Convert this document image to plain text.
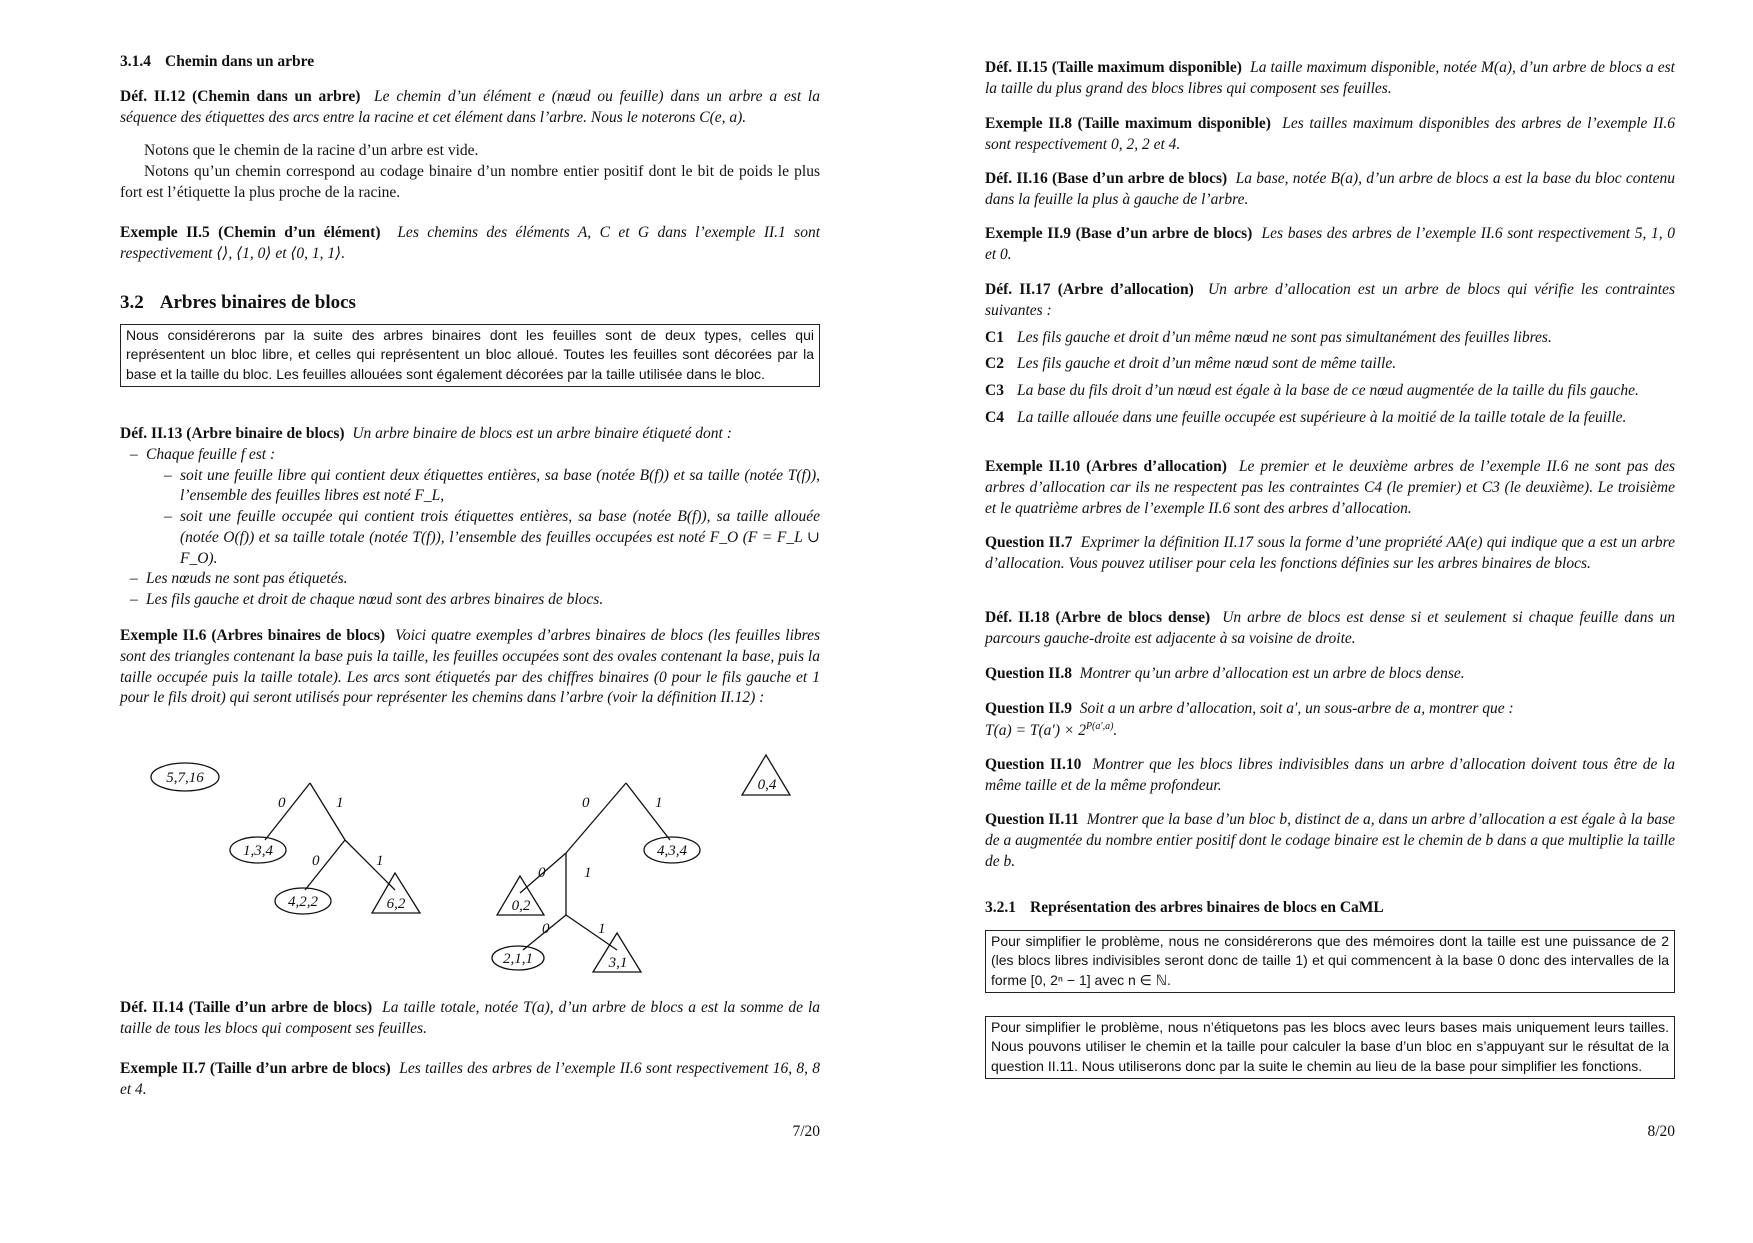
3.1.4 Chemin dans un arbre
Déf. II.12 (Chemin dans un arbre) Le chemin d’un élément e (nœud ou feuille) dans un arbre a est la séquence des étiquettes des arcs entre la racine et cet élément dans l’arbre. Nous le noterons C(e, a).
Notons que le chemin de la racine d’un arbre est vide.
Notons qu’un chemin correspond au codage binaire d’un nombre entier positif dont le bit de poids le plus fort est l’étiquette la plus proche de la racine.
Exemple II.5 (Chemin d’un élément) Les chemins des éléments A, C et G dans l’exemple II.1 sont respectivement ⟨⟩, ⟨1, 0⟩ et ⟨0, 1, 1⟩.
3.2 Arbres binaires de blocs
Nous considérerons par la suite des arbres binaires dont les feuilles sont de deux types, celles qui représentent un bloc libre, et celles qui représentent un bloc alloué. Toutes les feuilles sont décorées par la base et la taille du bloc. Les feuilles allouées sont également décorées par la taille utilisée dans le bloc.

Déf. II.13 (Arbre binaire de blocs) Un arbre binaire de blocs est un arbre binaire étiqueté dont :

– Chaque feuille f est :
– soit une feuille libre qui contient deux étiquettes entières, sa base (notée B(f)) et sa taille (notée T(f)), l’ensemble des feuilles libres est noté F_L,
– soit une feuille occupée qui contient trois étiquettes entières, sa base (notée B(f)), sa taille allouée (notée O(f)) et sa taille totale (notée T(f)), l’ensemble des feuilles occupées est noté F_O (F = F_L ∪ F_O).
– Les nœuds ne sont pas étiquetés.
– Les fils gauche et droit de chaque nœud sont des arbres binaires de blocs.
Exemple II.6 (Arbres binaires de blocs) Voici quatre exemples d’arbres binaires de blocs (les feuilles libres sont des triangles contenant la base puis la taille, les feuilles occupées sont des ovales contenant la base, puis la taille occupée puis la taille totale). Les arcs sont étiquetés par des chiffres binaires (0 pour le fils gauche et 1 pour le fils droit) qui seront utilisés pour représenter les chemins dans l’arbre (voir la définition II.12) :
5,7,16
1,3,4
4,2,2	6,2
4,3,4
0,2
2,1,1	3,1
0,4
0	1
0	1
0	1
0	1
0	1
Déf. II.14 (Taille d’un arbre de blocs) La taille totale, notée T(a), d’un arbre de blocs a est la somme de la taille de tous les blocs qui composent ses feuilles.
Exemple II.7 (Taille d’un arbre de blocs) Les tailles des arbres de l’exemple II.6 sont respectivement 16, 8, 8 et 4.
7/20
Déf. II.15 (Taille maximum disponible) La taille maximum disponible, notée M(a), d’un arbre de blocs a est la taille du plus grand des blocs libres qui composent ses feuilles.
Exemple II.8 (Taille maximum disponible) Les tailles maximum disponibles des arbres de l’exemple II.6 sont respectivement 0, 2, 2 et 4.
Déf. II.16 (Base d’un arbre de blocs) La base, notée B(a), d’un arbre de blocs a est la base du bloc contenu dans la feuille la plus à gauche de l’arbre.
Exemple II.9 (Base d’un arbre de blocs) Les bases des arbres de l’exemple II.6 sont respectivement 5, 1, 0 et 0.

Déf. II.17 (Arbre d’allocation) Un arbre d’allocation est un arbre de blocs qui vérifie les contraintes suivantes :

C1 Les fils gauche et droit d’un même nœud ne sont pas simultanément des feuilles libres.

C2 Les fils gauche et droit d’un même nœud sont de même taille.

C3 La base du fils droit d’un nœud est égale à la base de ce nœud augmentée de la taille du fils gauche.

C4 La taille allouée dans une feuille occupée est supérieure à la moitié de la taille totale de la feuille.

Exemple II.10 (Arbres d’allocation) Le premier et le deuxième arbres de l’exemple II.6 ne sont pas des arbres d’allocation car ils ne respectent pas les contraintes C4 (le premier) et C3 (le deuxième). Le troisième et le quatrième arbres de l’exemple II.6 sont des arbres d’allocation.
Question II.7 Exprimer la définition II.17 sous la forme d’une propriété AA(e) qui indique que a est un arbre d’allocation. Vous pouvez utiliser pour cela les fonctions définies sur les arbres binaires de blocs.
Déf. II.18 (Arbre de blocs dense) Un arbre de blocs est dense si et seulement si chaque feuille dans un parcours gauche-droite est adjacente à sa voisine de droite.
Question II.8 Montrer qu’un arbre d’allocation est un arbre de blocs dense.

Question II.9 Soit a un arbre d’allocation, soit a′, un sous-arbre de a, montrer que :

$T(a) = T(a') \times 2^{P(a',a)}$.

Question II.10 Montrer que les blocs libres indivisibles dans un arbre d’allocation doivent tous être de la même taille et de la même profondeur.
Question II.11 Montrer que la base d’un bloc b, distinct de a, dans un arbre d’allocation a est égale à la base de a augmentée du nombre entier positif dont le codage binaire est le chemin de b dans a que multiplie la taille de b.
3.2.1 Représentation des arbres binaires de blocs en CaML
Pour simplifier le problème, nous ne considérerons que des mémoires dont la taille est une puissance de 2 (les blocs libres indivisibles seront donc de taille 1) et qui commencent à la base 0 donc des intervalles de la forme [0, 2ⁿ − 1] avec n ∈ ℕ.
Pour simplifier le problème, nous n’étiquetons pas les blocs avec leurs bases mais uniquement leurs tailles. Nous pouvons utiliser le chemin et la taille pour calculer la base d’un bloc en s’appuyant sur le résultat de la question II.11. Nous utiliserons donc par la suite le chemin au lieu de la base pour simplifier les fonctions.
8/20
